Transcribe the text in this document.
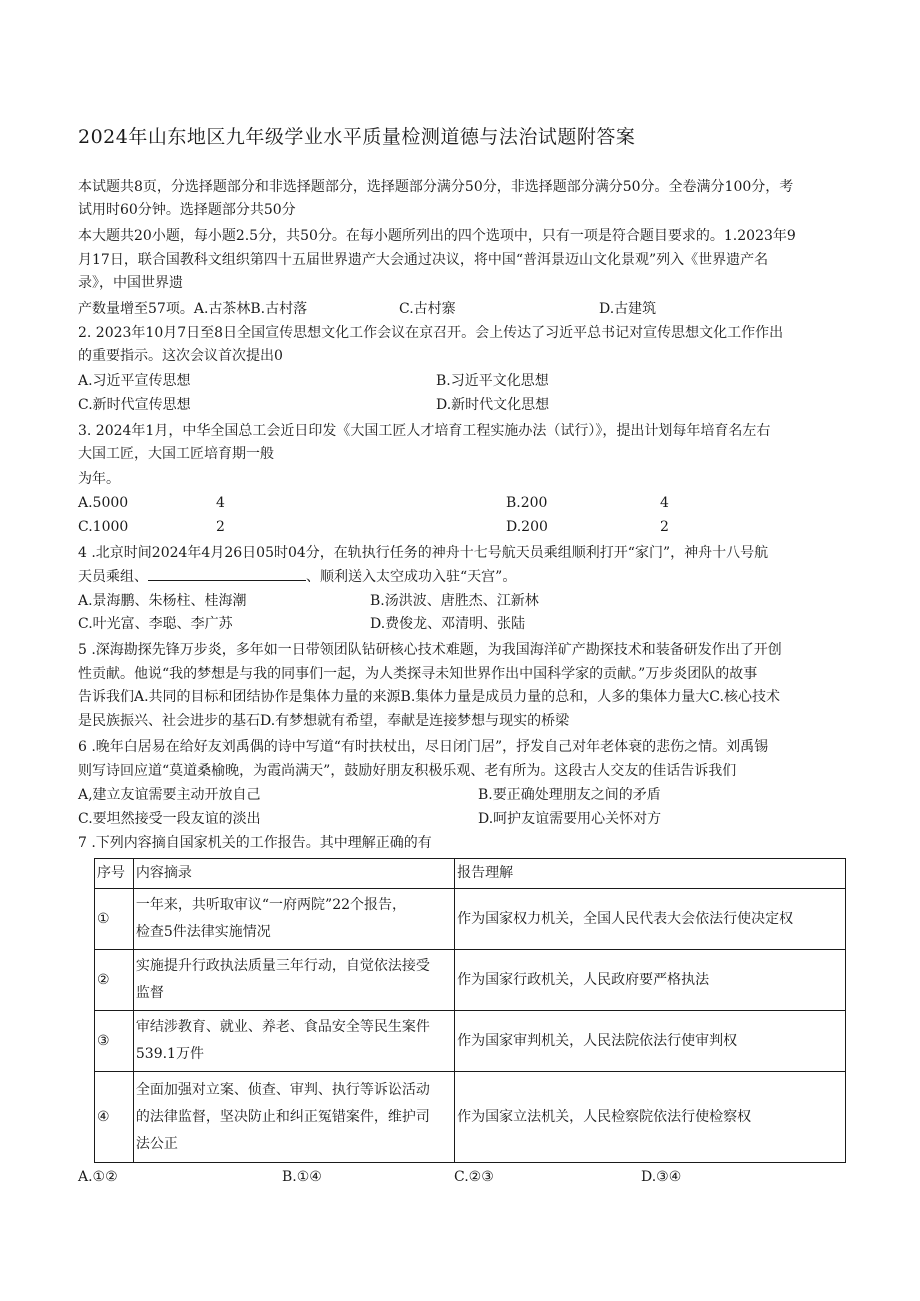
2024年山东地区九年级学业水平质量检测道德与法治试题附答案
本试题共8页，分选择题部分和非选择题部分，选择题部分满分50分，非选择题部分满分50分。全卷满分100分，考
试用时60分钟。选择题部分共50分
本大题共20小题，每小题2.5分，共50分。在每小题所列出的四个选项中，只有一项是符合题目要求的。1.2023年9
月17日，联合国教科文组织第四十五届世界遗产大会通过决议，将中国“普洱景迈山文化景观”列入《世界遗产名
录》，中国世界遗
产数量增至57项。A.古茶林B.古村落	C.古村寨	D.古建筑
2. 2023年10月7日至8日全国宣传思想文化工作会议在京召开。会上传达了习近平总书记对宣传思想文化工作作出
的重要指示。这次会议首次提出0
A.习近平宣传思想	B.习近平文化思想
C.新时代宣传思想	D.新时代文化思想
3. 2024年1月，中华全国总工会近日印发《大国工匠人才培育工程实施办法（试行）》，提出计划每年培育名左右
大国工匠，大国工匠培育期一般
为年。
A.5000	4	B.200	4
C.1000	2	D.200	2
4 .北京时间2024年4月26日05时04分，在轨执行任务的神舟十七号航天员乘组顺利打开“家门”，神舟十八号航
天员乘组、	、顺利送入太空成功入驻“天宫”。
A.景海鹏、朱杨柱、桂海潮	B.汤洪波、唐胜杰、江新林
C.叶光富、李聪、李广苏	D.费俊龙、邓清明、张陆
5 .深海勘探先锋万步炎，多年如一日带领团队钻研核心技术难题，为我国海洋矿产勘探技术和装备研发作出了开创
性贡献。他说“我的梦想是与我的同事们一起，为人类探寻未知世界作出中国科学家的贡献。”万步炎团队的故事
告诉我们A.共同的目标和团结协作是集体力量的来源B.集体力量是成员力量的总和，人多的集体力量大C.核心技术
是民族振兴、社会进步的基石D.有梦想就有希望，奉献是连接梦想与现实的桥梁
6 .晚年白居易在给好友刘禹偶的诗中写道“有时扶杖出，尽日闭门居”，抒发自己对年老体衰的悲伤之情。刘禹锡
则写诗回应道“莫道桑榆晚，为霞尚满天”，鼓励好朋友积极乐观、老有所为。这段古人交友的佳话告诉我们
A,建立友谊需要主动开放自己	B.要正确处理朋友之间的矛盾
C.要坦然接受一段友谊的淡出	D.呵护友谊需要用心关怀对方
7 .下列内容摘自国家机关的工作报告。其中理解正确的有
序号	内容摘录	报告理解
①	一年来，共听取审议“一府两院”22个报告，
检查5件法律实施情况	作为国家权力机关，全国人民代表大会依法行使决定权
②	实施提升行政执法质量三年行动，自觉依法接受
监督	作为国家行政机关，人民政府要严格执法
③	审结涉教育、就业、养老、食品安全等民生案件
539.1万件	作为国家审判机关，人民法院依法行使审判权
④	全面加强对立案、侦查、审判、执行等诉讼活动
的法律监督，坚决防止和纠正冤错案件，维护司
法公正	作为国家立法机关，人民检察院依法行使检察权
A.①②	B.①④	C.②③	D.③④
